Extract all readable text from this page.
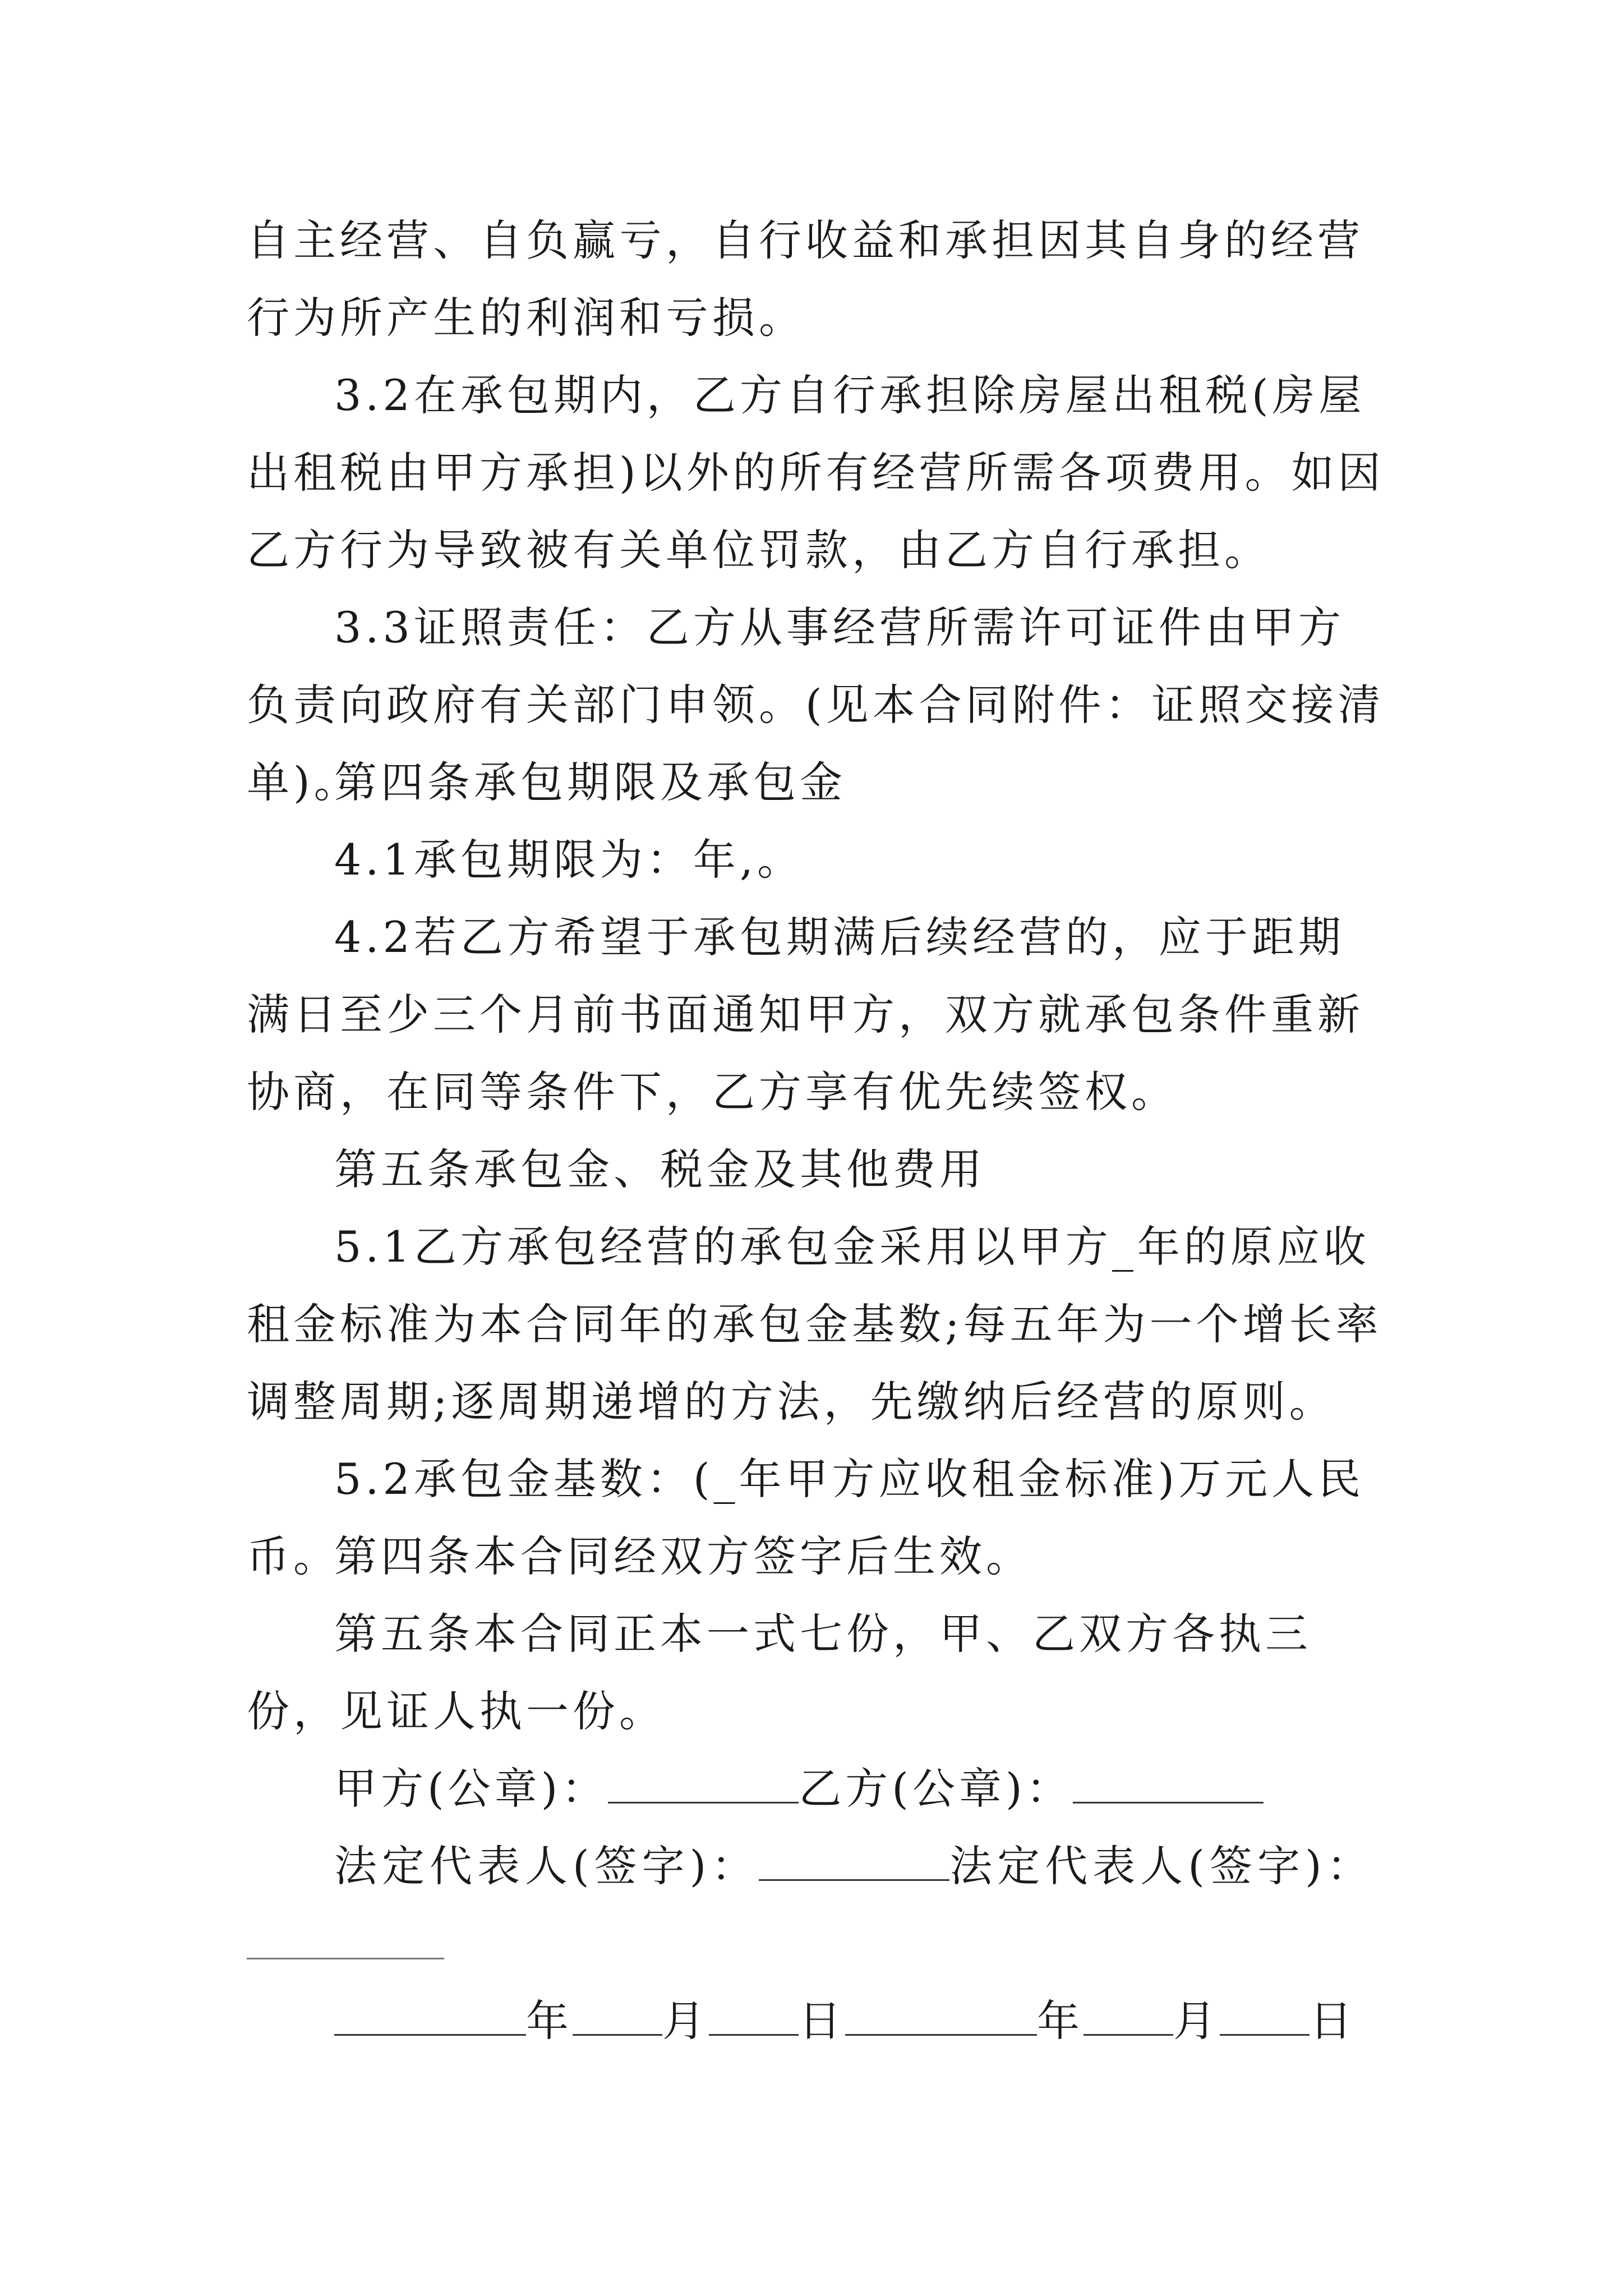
自主经营、自负赢亏，自行收益和承担因其自身的经营行为所产生的利润和亏损。

3.2在承包期内，乙方自行承担除房屋出租税(房屋出租税由甲方承担)以外的所有经营所需各项费用。如因乙方行为导致被有关单位罚款，由乙方自行承担。

3.3证照责任：乙方从事经营所需许可证件由甲方负责向政府有关部门申领。(见本合同附件：证照交接清单)。

第四条承包期限及承包金

4.1承包期限为：年,。

4.2若乙方希望于承包期满后续经营的，应于距期满日至少三个月前书面通知甲方，双方就承包条件重新协商，在同等条件下，乙方享有优先续签权。

第五条承包金、税金及其他费用

5.1乙方承包经营的承包金采用以甲方_年的原应收租金标准为本合同年的承包金基数;每五年为一个增长率调整周期;逐周期递增的方法，先缴纳后经营的原则。

5.2承包金基数：(_年甲方应收租金标准)万元人民币。

第四条本合同经双方签字后生效。

第五条本合同正本一式七份，甲、乙双方各执三份，见证人执一份。

甲方(公章)：	乙方(公章)：
法定代表人(签字)：	法定代表人(签字)：
年 月 日	年 月 日
